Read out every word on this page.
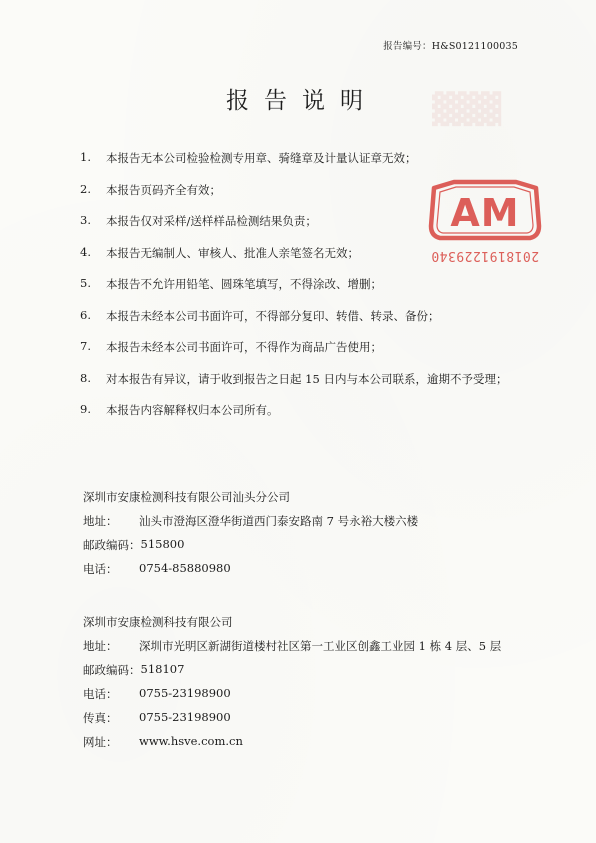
▓▓▓
报告编号：H&S0121100035
报告说明
1.	本报告无本公司检验检测专用章、骑缝章及计量认证章无效；
2.	本报告页码齐全有效；
3.	本报告仅对采样/送样样品检测结果负责；
4.	本报告无编制人、审核人、批准人亲笔签名无效；
5.	本报告不允许用铅笔、圆珠笔填写，不得涂改、增删；
6.	本报告未经本公司书面许可，不得部分复印、转借、转录、备份；
7.	本报告未经本公司书面许可，不得作为商品广告使用；
8.	对本报告有异议，请于收到报告之日起 15 日内与本公司联系，逾期不予受理；
9.	本报告内容解释权归本公司所有。
AM
2018191229340
深圳市安康检测科技有限公司汕头分公司
地址：	汕头市澄海区澄华街道西门泰安路南 7 号永裕大楼六楼
邮政编码： 515800
电话：	0754-85880980
深圳市安康检测科技有限公司
地址：	深圳市光明区新湖街道楼村社区第一工业区创鑫工业园 1 栋 4 层、5 层
邮政编码： 518107
电话：	0755-23198900
传真：	0755-23198900
网址：	www.hsve.com.cn
